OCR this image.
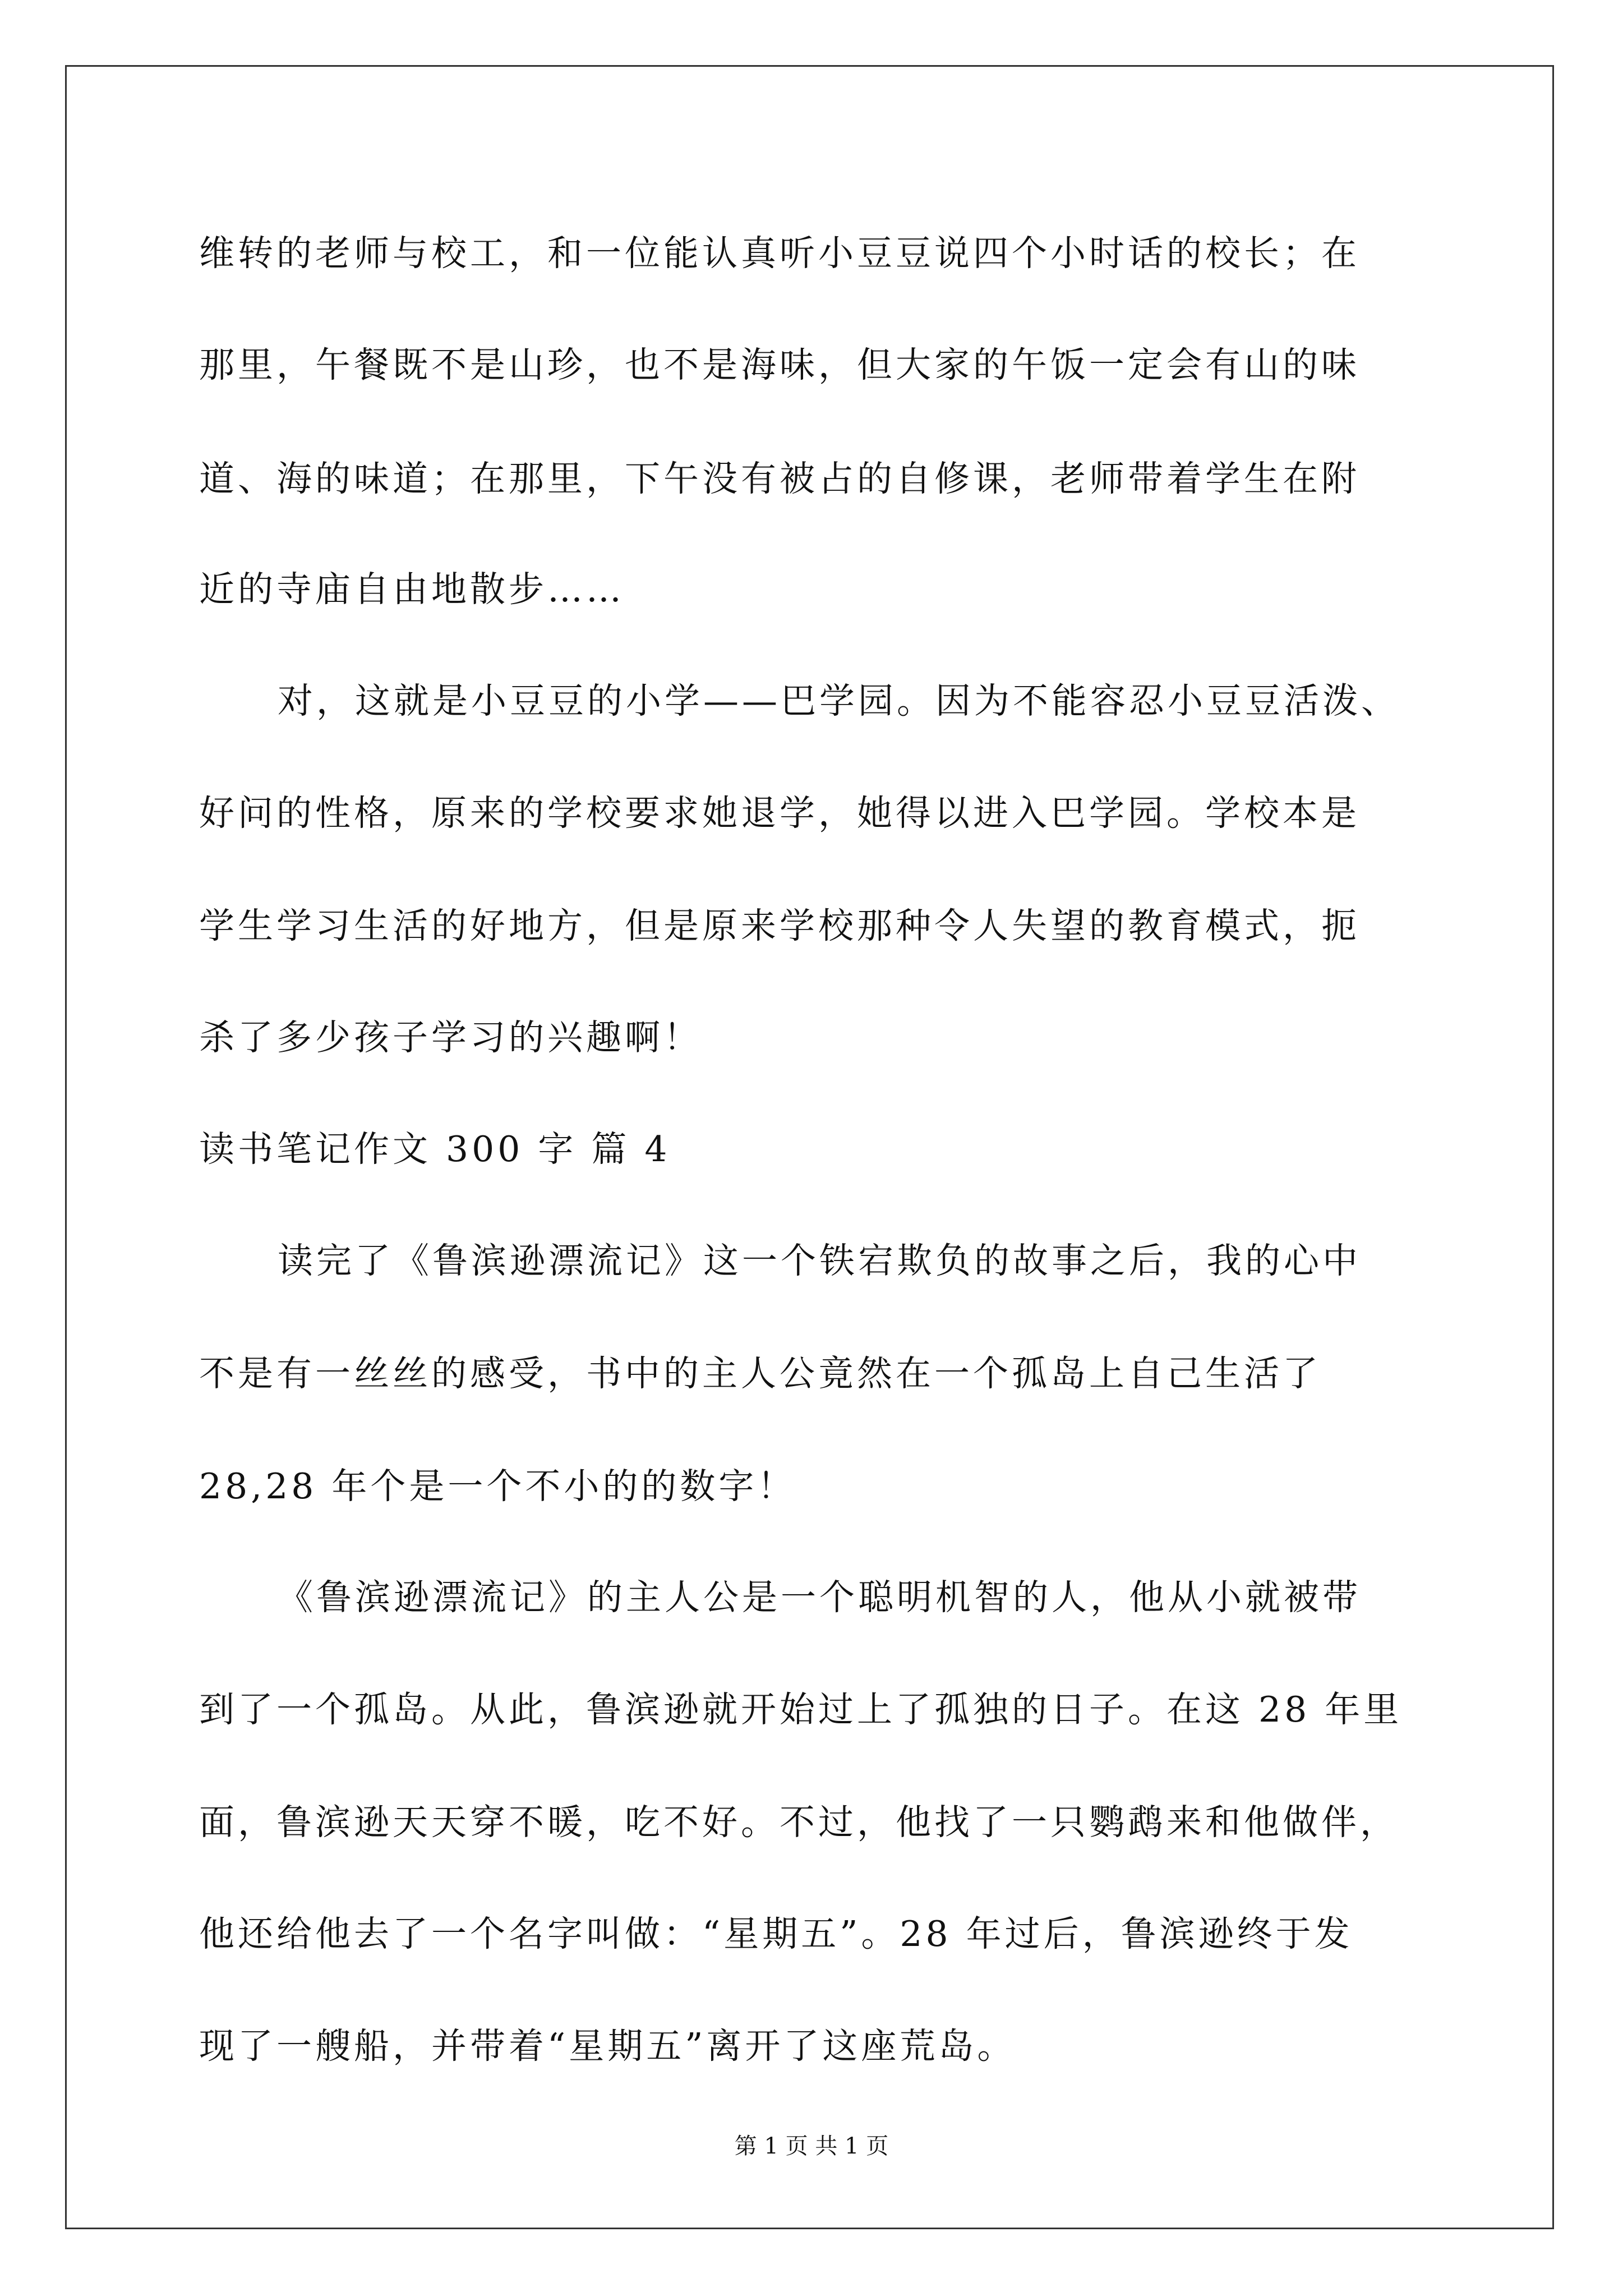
维转的老师与校工，和一位能认真听小豆豆说四个小时话的校长；在
那里，午餐既不是山珍，也不是海味，但大家的午饭一定会有山的味
道、海的味道；在那里，下午没有被占的自修课，老师带着学生在附
近的寺庙自由地散步……
对，这就是小豆豆的小学——巴学园。因为不能容忍小豆豆活泼、
好问的性格，原来的学校要求她退学，她得以进入巴学园。学校本是
学生学习生活的好地方，但是原来学校那种令人失望的教育模式，扼
杀了多少孩子学习的兴趣啊！
读书笔记作文 300 字 篇 4
读完了《鲁滨逊漂流记》这一个铁宕欺负的故事之后，我的心中
不是有一丝丝的感受，书中的主人公竟然在一个孤岛上自己生活了
28,28 年个是一个不小的的数字！
《鲁滨逊漂流记》的主人公是一个聪明机智的人，他从小就被带
到了一个孤岛。从此，鲁滨逊就开始过上了孤独的日子。在这 28 年里
面，鲁滨逊天天穿不暖，吃不好。不过，他找了一只鹦鹉来和他做伴，
他还给他去了一个名字叫做：“星期五”。28 年过后，鲁滨逊终于发
现了一艘船，并带着“星期五”离开了这座荒岛。
第 1 页 共 1 页
